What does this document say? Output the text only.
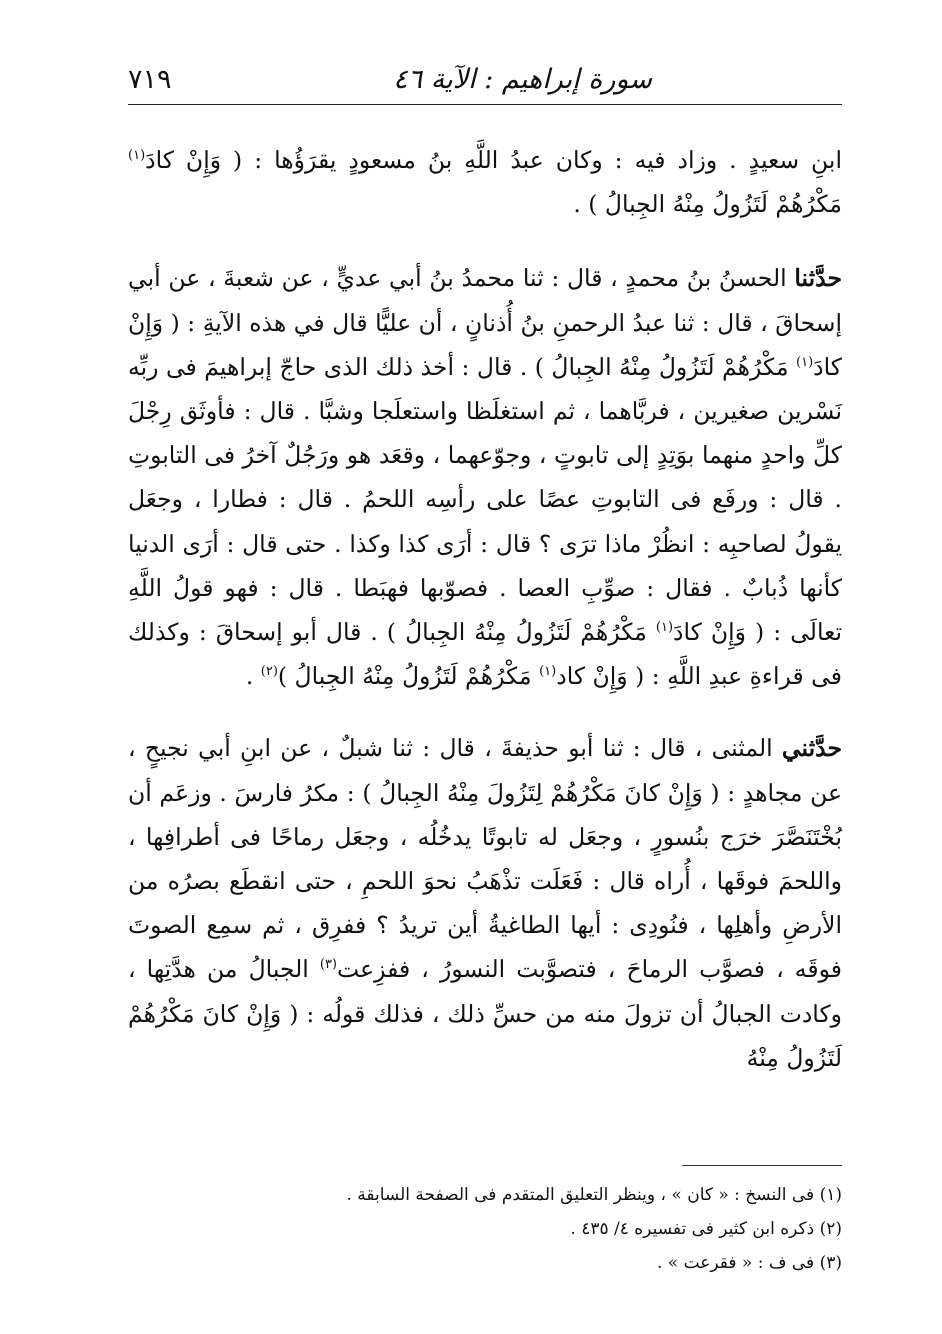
سورة إبراهيم : الآية ٤٦
٧١٩

ابنِ سعيدٍ . وزاد فيه : وكان عبدُ اللَّهِ بنُ مسعودٍ يقرَؤُها : ( وَإِنْ كادَ$^{(١)}$ مَكْرُهُمْ لَتَزُولُ مِنْهُ الجِبالُ ) .

حدَّثنا الحسنُ بنُ محمدٍ ، قال : ثنا محمدُ بنُ أبي عديٍّ ، عن شعبةَ ، عن أبي إسحاقَ ، قال : ثنا عبدُ الرحمنِ بنُ أُذنانٍ ، أن عليًّا قال في هذه الآيةِ : ( وَإِنْ كادَ$^{(١)}$ مَكْرُهُمْ لَتَزُولُ مِنْهُ الجِبالُ ) . قال : أخذ ذلك الذى حاجّ إبراهيمَ فى ربِّه نَسْرين صغيرين ، فربَّاهما ، ثم استغلَظا واستعلَجا وشبَّا . قال : فأوثَق رِجْلَ كلِّ واحدٍ منهما بوَتِدٍ إلى تابوتٍ ، وجوّعهما ، وقعَد هو ورَجُلٌ آخرُ فى التابوتِ . قال : ورفَع فى التابوتِ عصًا على رأسِه اللحمُ . قال : فطارا ، وجعَل يقولُ لصاحبِه : انظُرْ ماذا ترَى ؟ قال : أرَى كذا وكذا . حتى قال : أرَى الدنيا كأنها ذُبابٌ . فقال : صوِّبِ العصا . فصوّبها فهبَطا . قال : فهو قولُ اللَّهِ تعالَى : ( وَإِنْ كادَ$^{(١)}$ مَكْرُهُمْ لَتَزُولُ مِنْهُ الجِبالُ ) . قال أبو إسحاقَ : وكذلك فى قراءةِ عبدِ اللَّهِ : ( وَإِنْ كاد$^{(١)}$ مَكْرُهُمْ لَتَزُولُ مِنْهُ الجِبالُ )$^{(٢)}$ .

حدَّثني المثنى ، قال : ثنا أبو حذيفةَ ، قال : ثنا شبلٌ ، عن ابنِ أبي نجيحٍ ، عن مجاهدٍ : ( وَإِنْ كانَ مَكْرُهُمْ لِتَزُولَ مِنْهُ الجِبالُ ) : مكرُ فارسَ . وزعَم أن بُخْتَنَصَّرَ خرَج بنُسورٍ ، وجعَل له تابوتًا يدخُلُه ، وجعَل رماحًا فى أطرافِها ، واللحمَ فوقَها ، أُراه قال : فَعَلَت تذْهَبُ نحوَ اللحمِ ، حتى انقطَع بصرُه من الأرضِ وأهلِها ، فنُودِى : أيها الطاغيةُ أين تريدُ ؟ ففرِق ، ثم سمِع الصوتَ فوقَه ، فصوَّب الرماحَ ، فتصوَّبت النسورُ ، ففزِعت$^{(٣)}$ الجبالُ من هدَّتِها ، وكادت الجبالُ أن تزولَ منه من حسِّ ذلك ، فذلك قولُه : ( وَإِنْ كانَ مَكْرُهُمْ لَتَزُولُ مِنْهُ

(١) فى النسخ : « كان » ، وينظر التعليق المتقدم فى الصفحة السابقة .

(٢) ذكره ابن كثير فى تفسيره ٤/ ٤٣٥ .

(٣) فى ف : « فقرعت » .
